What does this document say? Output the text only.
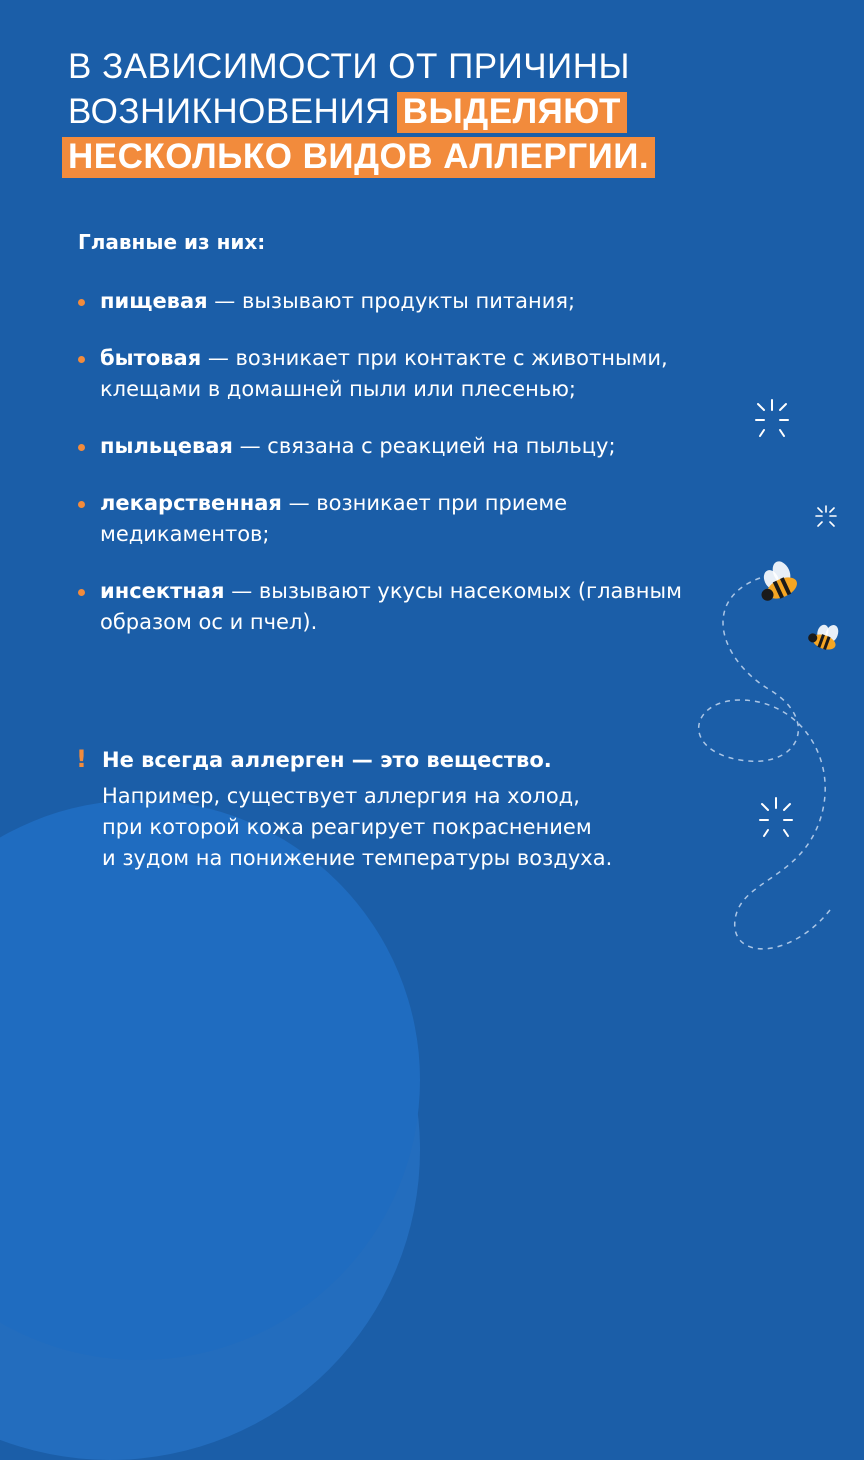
В ЗАВИСИМОСТИ ОТ ПРИЧИНЫ
ВОЗНИКНОВЕНИЯ ВЫДЕЛЯЮТ
НЕСКОЛЬКО ВИДОВ АЛЛЕРГИИ.
Главные из них:
пищевая — вызывают продукты питания;
бытовая — возникает при контакте с животными, клещами в домашней пыли или плесенью;
пыльцевая — связана с реакцией на пыльцу;
лекарственная — возникает при приеме медикаментов;
инсектная — вызывают укусы насекомых (главным образом ос и пчел).
! Не всегда аллерген — это вещество.
Например, существует аллергия на холод,
при которой кожа реагирует покраснением
и зудом на понижение температуры воздуха.
